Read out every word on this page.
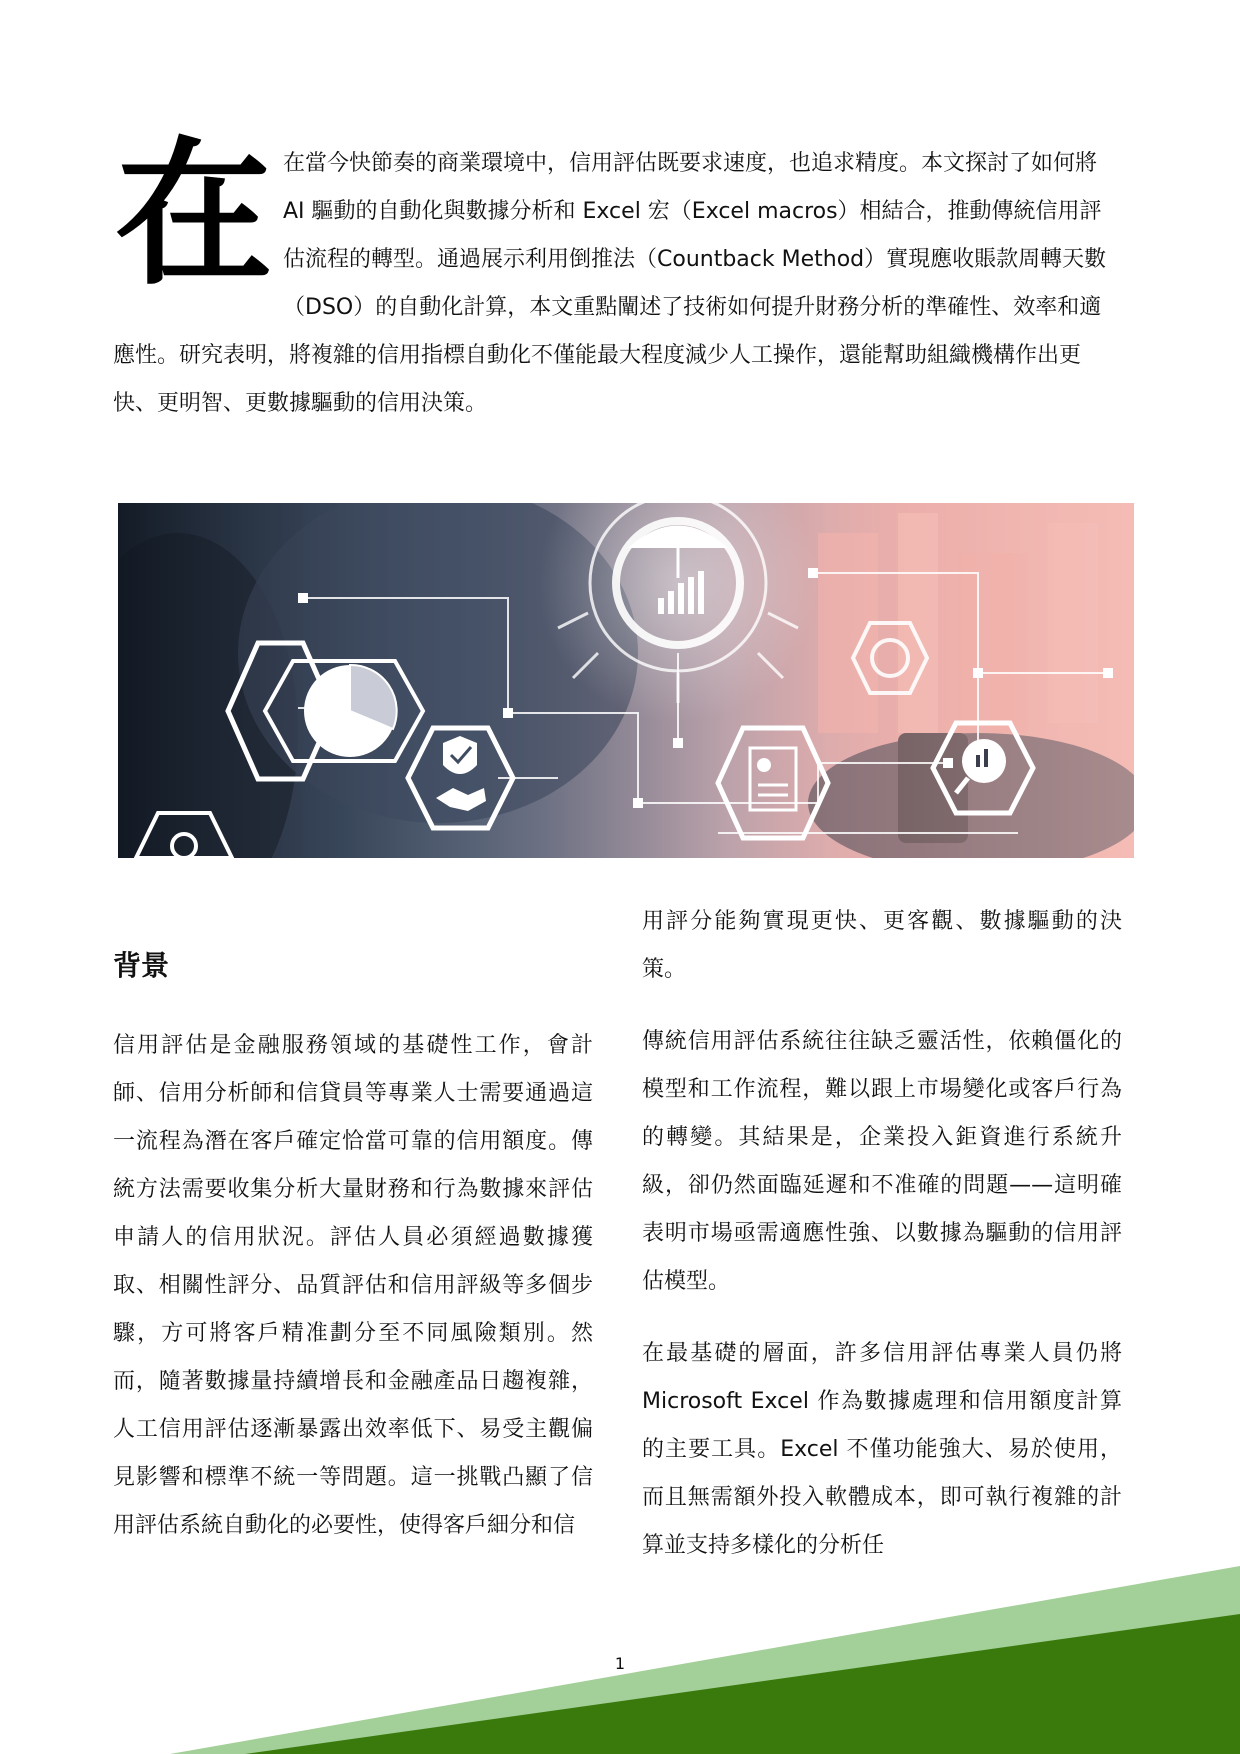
在 在當今快節奏的商業環境中，信用評估既要求速度，也追求精度。本文探討了如何將 AI 驅動的自動化與數據分析和 Excel 宏（Excel macros）相結合，推動傳統信用評估流程的轉型。通過展示利用倒推法（Countback Method）實現應收賬款周轉天數（DSO）的自動化計算，本文重點闡述了技術如何提升財務分析的準確性、效率和適應性。研究表明，將複雜的信用指標自動化不僅能最大程度減少人工操作，還能幫助組織機構作出更快、更明智、更數據驅動的信用決策。

背景

信用評估是金融服務領域的基礎性工作，會計師、信用分析師和信貸員等專業人士需要通過這一流程為潛在客戶確定恰當可靠的信用額度。傳統方法需要收集分析大量財務和行為數據來評估申請人的信用狀況。評估人員必須經過數據獲取、相關性評分、品質評估和信用評級等多個步驟，方可將客戶精准劃分至不同風險類別。然而，隨著數據量持續增長和金融產品日趨複雜，人工信用評估逐漸暴露出效率低下、易受主觀偏見影響和標準不統一等問題。這一挑戰凸顯了信用評估系統自動化的必要性，使得客戶細分和信

用評分能夠實現更快、更客觀、數據驅動的決策。

傳統信用評估系統往往缺乏靈活性，依賴僵化的模型和工作流程，難以跟上市場變化或客戶行為的轉變。其結果是，企業投入鉅資進行系統升級，卻仍然面臨延遲和不准確的問題——這明確表明市場亟需適應性強、以數據為驅動的信用評估模型。

在最基礎的層面，許多信用評估專業人員仍將 Microsoft Excel 作為數據處理和信用額度計算的主要工具。Excel 不僅功能強大、易於使用，而且無需額外投入軟體成本，即可執行複雜的計算並支持多樣化的分析任

1
